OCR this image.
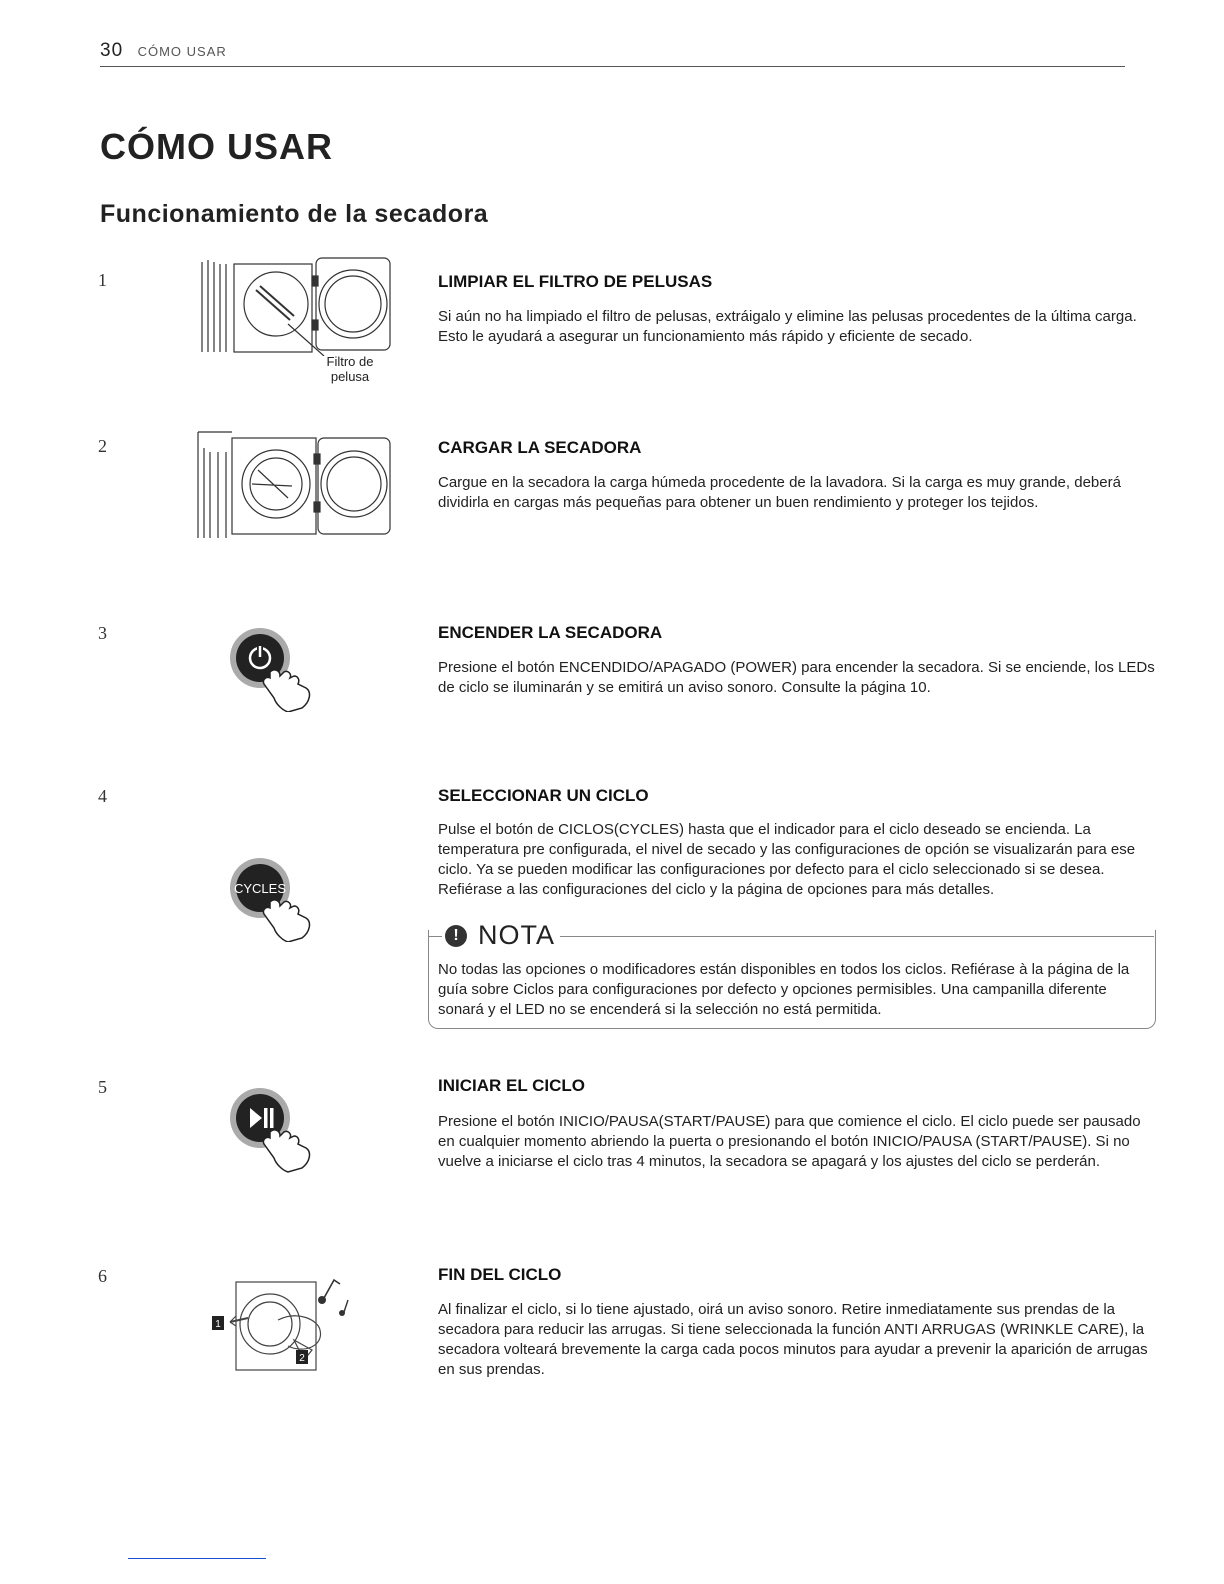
30 CÓMO USAR
CÓMO USAR
Funcionamiento de la secadora
1
Filtro de
pelusa
LIMPIAR EL FILTRO DE PELUSAS
Si aún no ha limpiado el filtro de pelusas, extráigalo y elimine las pelusas procedentes de la última carga. Esto le ayudará a asegurar un funcionamiento más rápido y eficiente de secado.
2	CARGAR LA SECADORA
Cargue en la secadora la carga húmeda procedente de la lavadora. Si la carga es muy grande, deberá dividirla en cargas más pequeñas para obtener un buen rendimiento y proteger los tejidos.
3	ENCENDER LA SECADORA
Presione el botón ENCENDIDO/APAGADO (POWER) para encender la secadora. Si se enciende, los LEDs de ciclo se iluminarán y se emitirá un aviso sonoro. Consulte la página 10.
4
CYCLES
SELECCIONAR UN CICLO
Pulse el botón de CICLOS(CYCLES) hasta que el indicador para el ciclo deseado se encienda. La temperatura pre configurada, el nivel de secado y las configuraciones de opción se visualizarán para ese ciclo. Ya se pueden modificar las configuraciones por defecto para el ciclo seleccionado si se desea. Refiérase a las configuraciones del ciclo y la página de opciones para más detalles.
! NOTA
No todas las opciones o modificadores están disponibles en todos los ciclos. Refiérase à la página de la guía sobre Ciclos para configuraciones por defecto y opciones permisibles. Una campanilla diferente sonará y el LED no se encenderá si la selección no está permitida.
5	INICIAR EL CICLO
Presione el botón INICIO/PAUSA(START/PAUSE) para que comience el ciclo. El ciclo puede ser pausado en cualquier momento abriendo la puerta o presionando el botón INICIO/PAUSA (START/PAUSE). Si no vuelve a iniciarse el ciclo tras 4 minutos, la secadora se apagará y los ajustes del ciclo se perderán.
6
1
2
FIN DEL CICLO
Al finalizar el ciclo, si lo tiene ajustado, oirá un aviso sonoro. Retire inmediatamente sus prendas de la secadora para reducir las arrugas. Si tiene seleccionada la función ANTI ARRUGAS (WRINKLE CARE), la secadora volteará brevemente la carga cada pocos minutos para ayudar a prevenir la aparición de arrugas en sus prendas.
